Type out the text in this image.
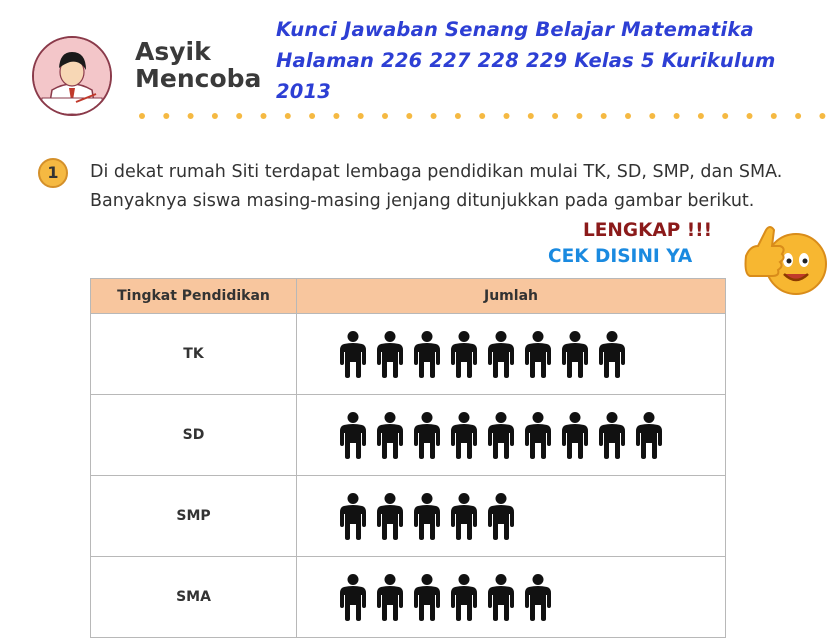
Asyik
Mencoba
Kunci Jawaban Senang Belajar Matematika Halaman 226 227 228 229 Kelas 5 Kurikulum 2013
1	Di dekat rumah Siti terdapat lembaga pendidikan mulai TK, SD, SMP, dan SMA. Banyaknya siswa masing-masing jenjang ditunjukkan pada gambar berikut.
LENGKAP !!!
CEK DISINI YA
Tingkat Pendidikan	Jumlah
TK	

SD	

SMP	

SMA	
